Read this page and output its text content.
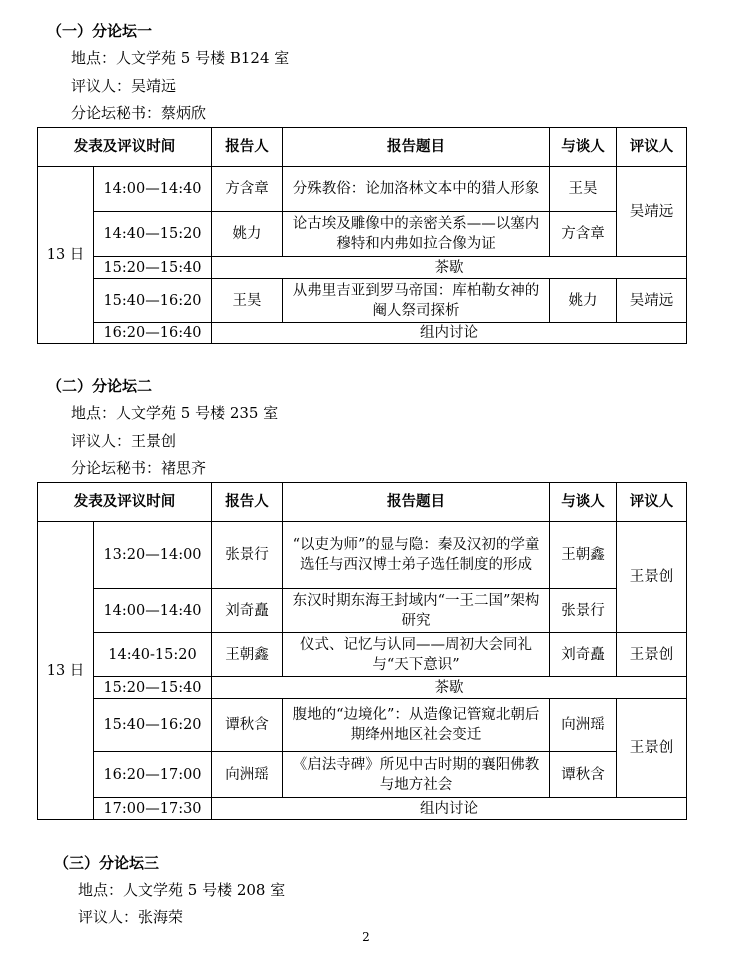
（一）分论坛一
地点：人文学苑 5 号楼 B124 室
评议人：吴靖远
分论坛秘书：蔡炳欣
发表及评议时间		报告人	报告题目	与谈人	评议人
13 日	14:00—14:40	方含章	分殊教俗：论加洛林文本中的猎人形象	王昊	吴靖远
	14:40—15:20	姚力	论古埃及雕像中的亲密关系——以塞内穆特和内弗如拉合像为证	方含章	
	15:20—15:40	茶歇			
	15:40—16:20	王昊	从弗里吉亚到罗马帝国：库柏勒女神的阉人祭司探析	姚力	吴靖远
	16:20—16:40	组内讨论			
（二）分论坛二
地点：人文学苑 5 号楼 235 室
评议人：王景创
分论坛秘书：褚思齐
发表及评议时间		报告人	报告题目	与谈人	评议人
13 日	13:20—14:00	张景行	“以吏为师”的显与隐：秦及汉初的学童选任与西汉博士弟子选任制度的形成	王朝鑫	王景创
	14:00—14:40	刘奇矗	东汉时期东海王封域内“一王二国”架构研究	张景行	
	14:40-15:20	王朝鑫	仪式、记忆与认同——周初大会同礼与“天下意识”	刘奇矗	王景创
	15:20—15:40	茶歇			
	15:40—16:20	谭秋含	腹地的“边境化”：从造像记管窥北朝后期绛州地区社会变迁	向洲瑶	王景创
	16:20—17:00	向洲瑶	《启法寺碑》所见中古时期的襄阳佛教与地方社会	谭秋含	
	17:00—17:30	组内讨论			
（三）分论坛三
地点：人文学苑 5 号楼 208 室
评议人：张海荣
2
